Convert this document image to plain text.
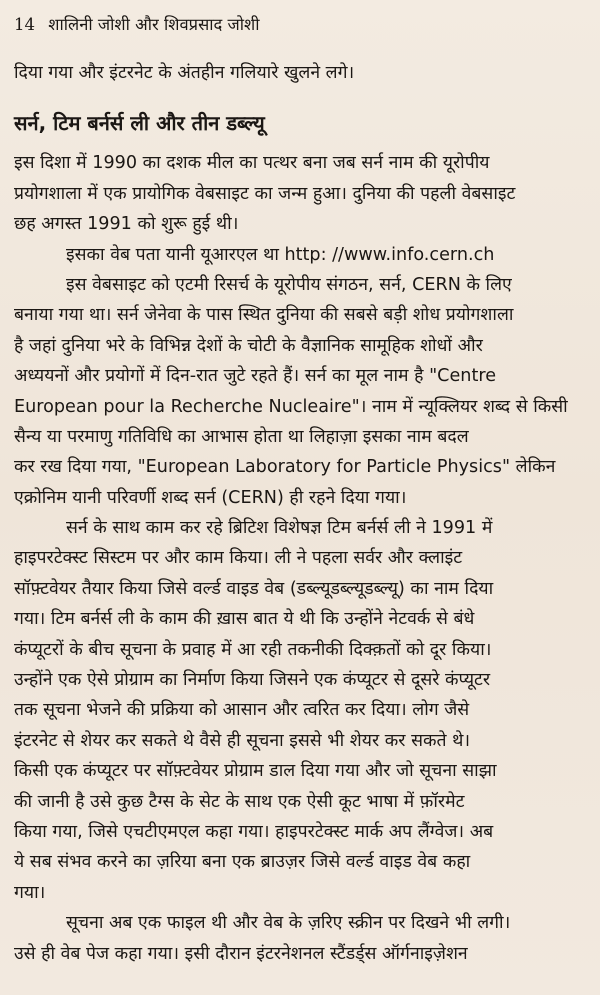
14 शालिनी जोशी और शिवप्रसाद जोशी
दिया गया और इंटरनेट के अंतहीन गलियारे खुलने लगे।
सर्न, टिम बर्नर्स ली और तीन डब्ल्यू
इस दिशा में 1990 का दशक मील का पत्थर बना जब सर्न नाम की यूरोपीय
प्रयोगशाला में एक प्रायोगिक वेबसाइट का जन्म हुआ। दुनिया की पहली वेबसाइट
छह अगस्त 1991 को शुरू हुई थी।
इसका वेब पता यानी यूआरएल था http: //www.info.cern.ch
इस वेबसाइट को एटमी रिसर्च के यूरोपीय संगठन, सर्न, CERN के लिए
बनाया गया था। सर्न जेनेवा के पास स्थित दुनिया की सबसे बड़ी शोध प्रयोगशाला
है जहां दुनिया भरे के विभिन्न देशों के चोटी के वैज्ञानिक सामूहिक शोधों और
अध्ययनों और प्रयोगों में दिन-रात जुटे रहते हैं। सर्न का मूल नाम है "Centre
European pour la Recherche Nucleaire"। नाम में न्यूक्लियर शब्द से किसी
सैन्य या परमाणु गतिविधि का आभास होता था लिहाज़ा इसका नाम बदल
कर रख दिया गया, "European Laboratory for Particle Physics" लेकिन
एक्रोनिम यानी परिवर्णी शब्द सर्न (CERN) ही रहने दिया गया।
सर्न के साथ काम कर रहे ब्रिटिश विशेषज्ञ टिम बर्नर्स ली ने 1991 में
हाइपरटेक्स्ट सिस्टम पर और काम किया। ली ने पहला सर्वर और क्लाइंट
सॉफ़्टवेयर तैयार किया जिसे वर्ल्ड वाइड वेब (डब्ल्यूडब्ल्यूडब्ल्यू) का नाम दिया
गया। टिम बर्नर्स ली के काम की ख़ास बात ये थी कि उन्होंने नेटवर्क से बंधे
कंप्यूटरों के बीच सूचना के प्रवाह में आ रही तकनीकी दिक्क़तों को दूर किया।
उन्होंने एक ऐसे प्रोग्राम का निर्माण किया जिसने एक कंप्यूटर से दूसरे कंप्यूटर
तक सूचना भेजने की प्रक्रिया को आसान और त्वरित कर दिया। लोग जैसे
इंटरनेट से शेयर कर सकते थे वैसे ही सूचना इससे भी शेयर कर सकते थे।
किसी एक कंप्यूटर पर सॉफ़्टवेयर प्रोग्राम डाल दिया गया और जो सूचना साझा
की जानी है उसे कुछ टैग्स के सेट के साथ एक ऐसी कूट भाषा में फ़ॉरमेट
किया गया, जिसे एचटीएमएल कहा गया। हाइपरटेक्स्ट मार्क अप लैंग्वेज। अब
ये सब संभव करने का ज़रिया बना एक ब्राउज़र जिसे वर्ल्ड वाइड वेब कहा
गया।
सूचना अब एक फाइल थी और वेब के ज़रिए स्क्रीन पर दिखने भी लगी।
उसे ही वेब पेज कहा गया। इसी दौरान इंटरनेशनल स्टैंडर्ड्स ऑर्गनाइज़ेशन
